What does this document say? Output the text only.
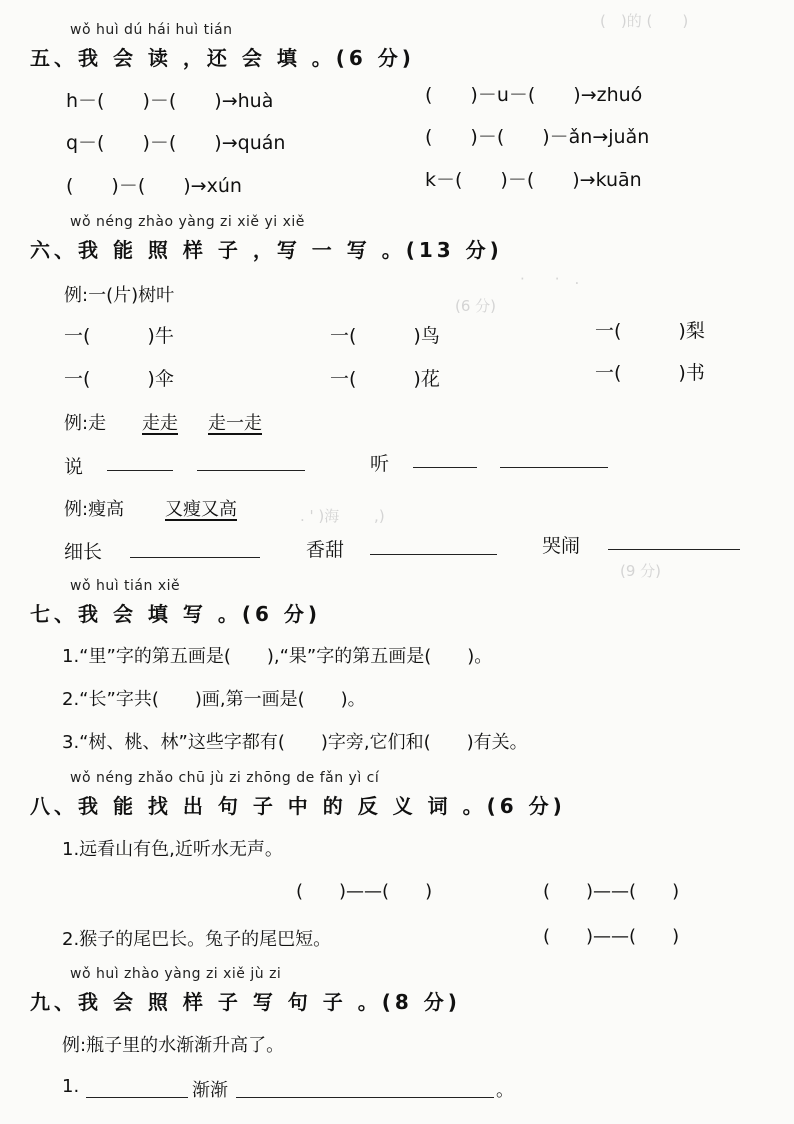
(　)的 (　　)
·　　·　.
(6 分)
(9 分)
. ' )海　　 ,)
wǒ huì dú hái huì tián
五、我 会 读 ，还 会 填 。(6 分)
h－(　　)－(　　)→huà	(　　)－u－(　　)→zhuó
q－(　　)－(　　)→quán	(　　)－(　　)－ǎn→juǎn
(　　)－(　　)→xún	k－(　　)－(　　)→kuān
wǒ néng zhào yàng zi xiě yi xiě
六、我 能 照 样 子 ，写 一 写 。(13 分)
例:一(片)树叶
一(　　　)牛	一(　　　)鸟	一(　　　)梨
一(　　　)伞	一(　　　)花	一(　　　)书
例:走 走走 走一走
说	听
例:瘦高 又瘦又高
细长	香甜	哭闹
wǒ huì tián xiě
七、我 会 填 写 。(6 分)
1.“里”字的第五画是(　　),“果”字的第五画是(　　)。
2.“长”字共(　　)画,第一画是(　　)。
3.“树、桃、林”这些字都有(　　)字旁,它们和(　　)有关。
wǒ néng zhǎo chū jù zi zhōng de fǎn yì cí
八、我 能 找 出 句 子 中 的 反 义 词 。(6 分)
1.远看山有色,近听水无声。
(　　)——(　　)	(　　)——(　　)
2.猴子的尾巴长。兔子的尾巴短。	(　　)——(　　)
wǒ huì zhào yàng zi xiě jù zi
九、我 会 照 样 子 写 句 子 。(8 分)
例:瓶子里的水渐渐升高了。
1.	渐渐	。
